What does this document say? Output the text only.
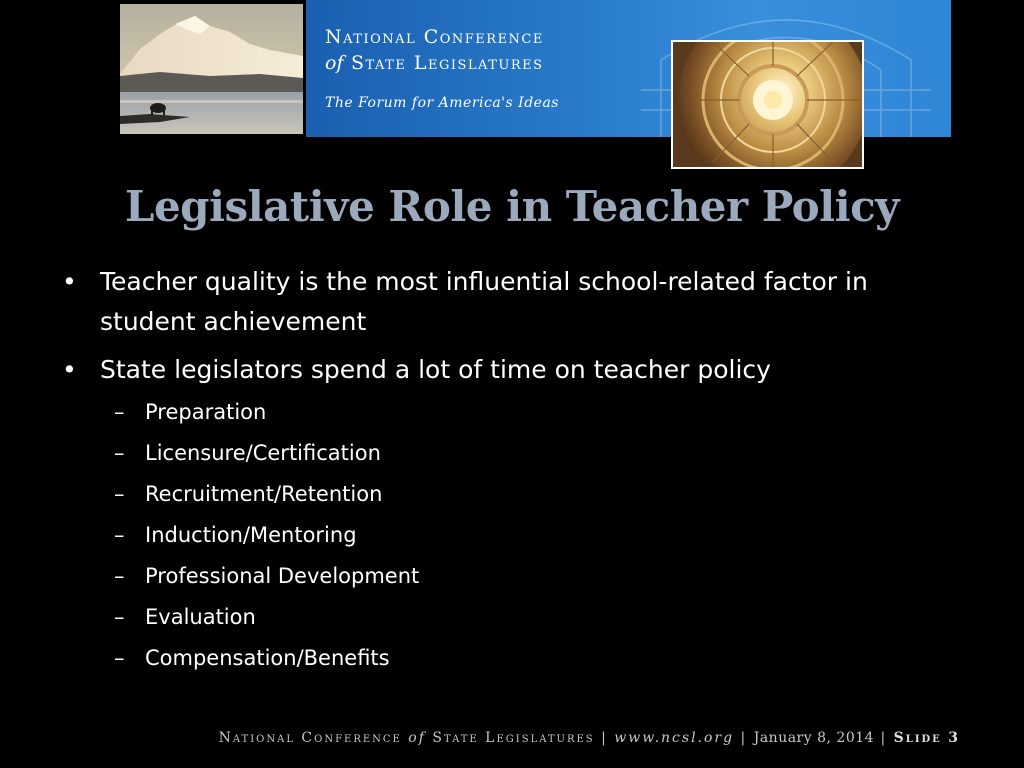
National Conference
of State Legislatures
The Forum for America's Ideas
Legislative Role in Teacher Policy
• Teacher quality is the most influential school-related factor in student achievement
• State legislators spend a lot of time on teacher policy
– Preparation
– Licensure/Certification
– Recruitment/Retention
– Induction/Mentoring
– Professional Development
– Evaluation
– Compensation/Benefits
National Conference of State Legislatures | www.ncsl.org | January 8, 2014 | Slide 3
